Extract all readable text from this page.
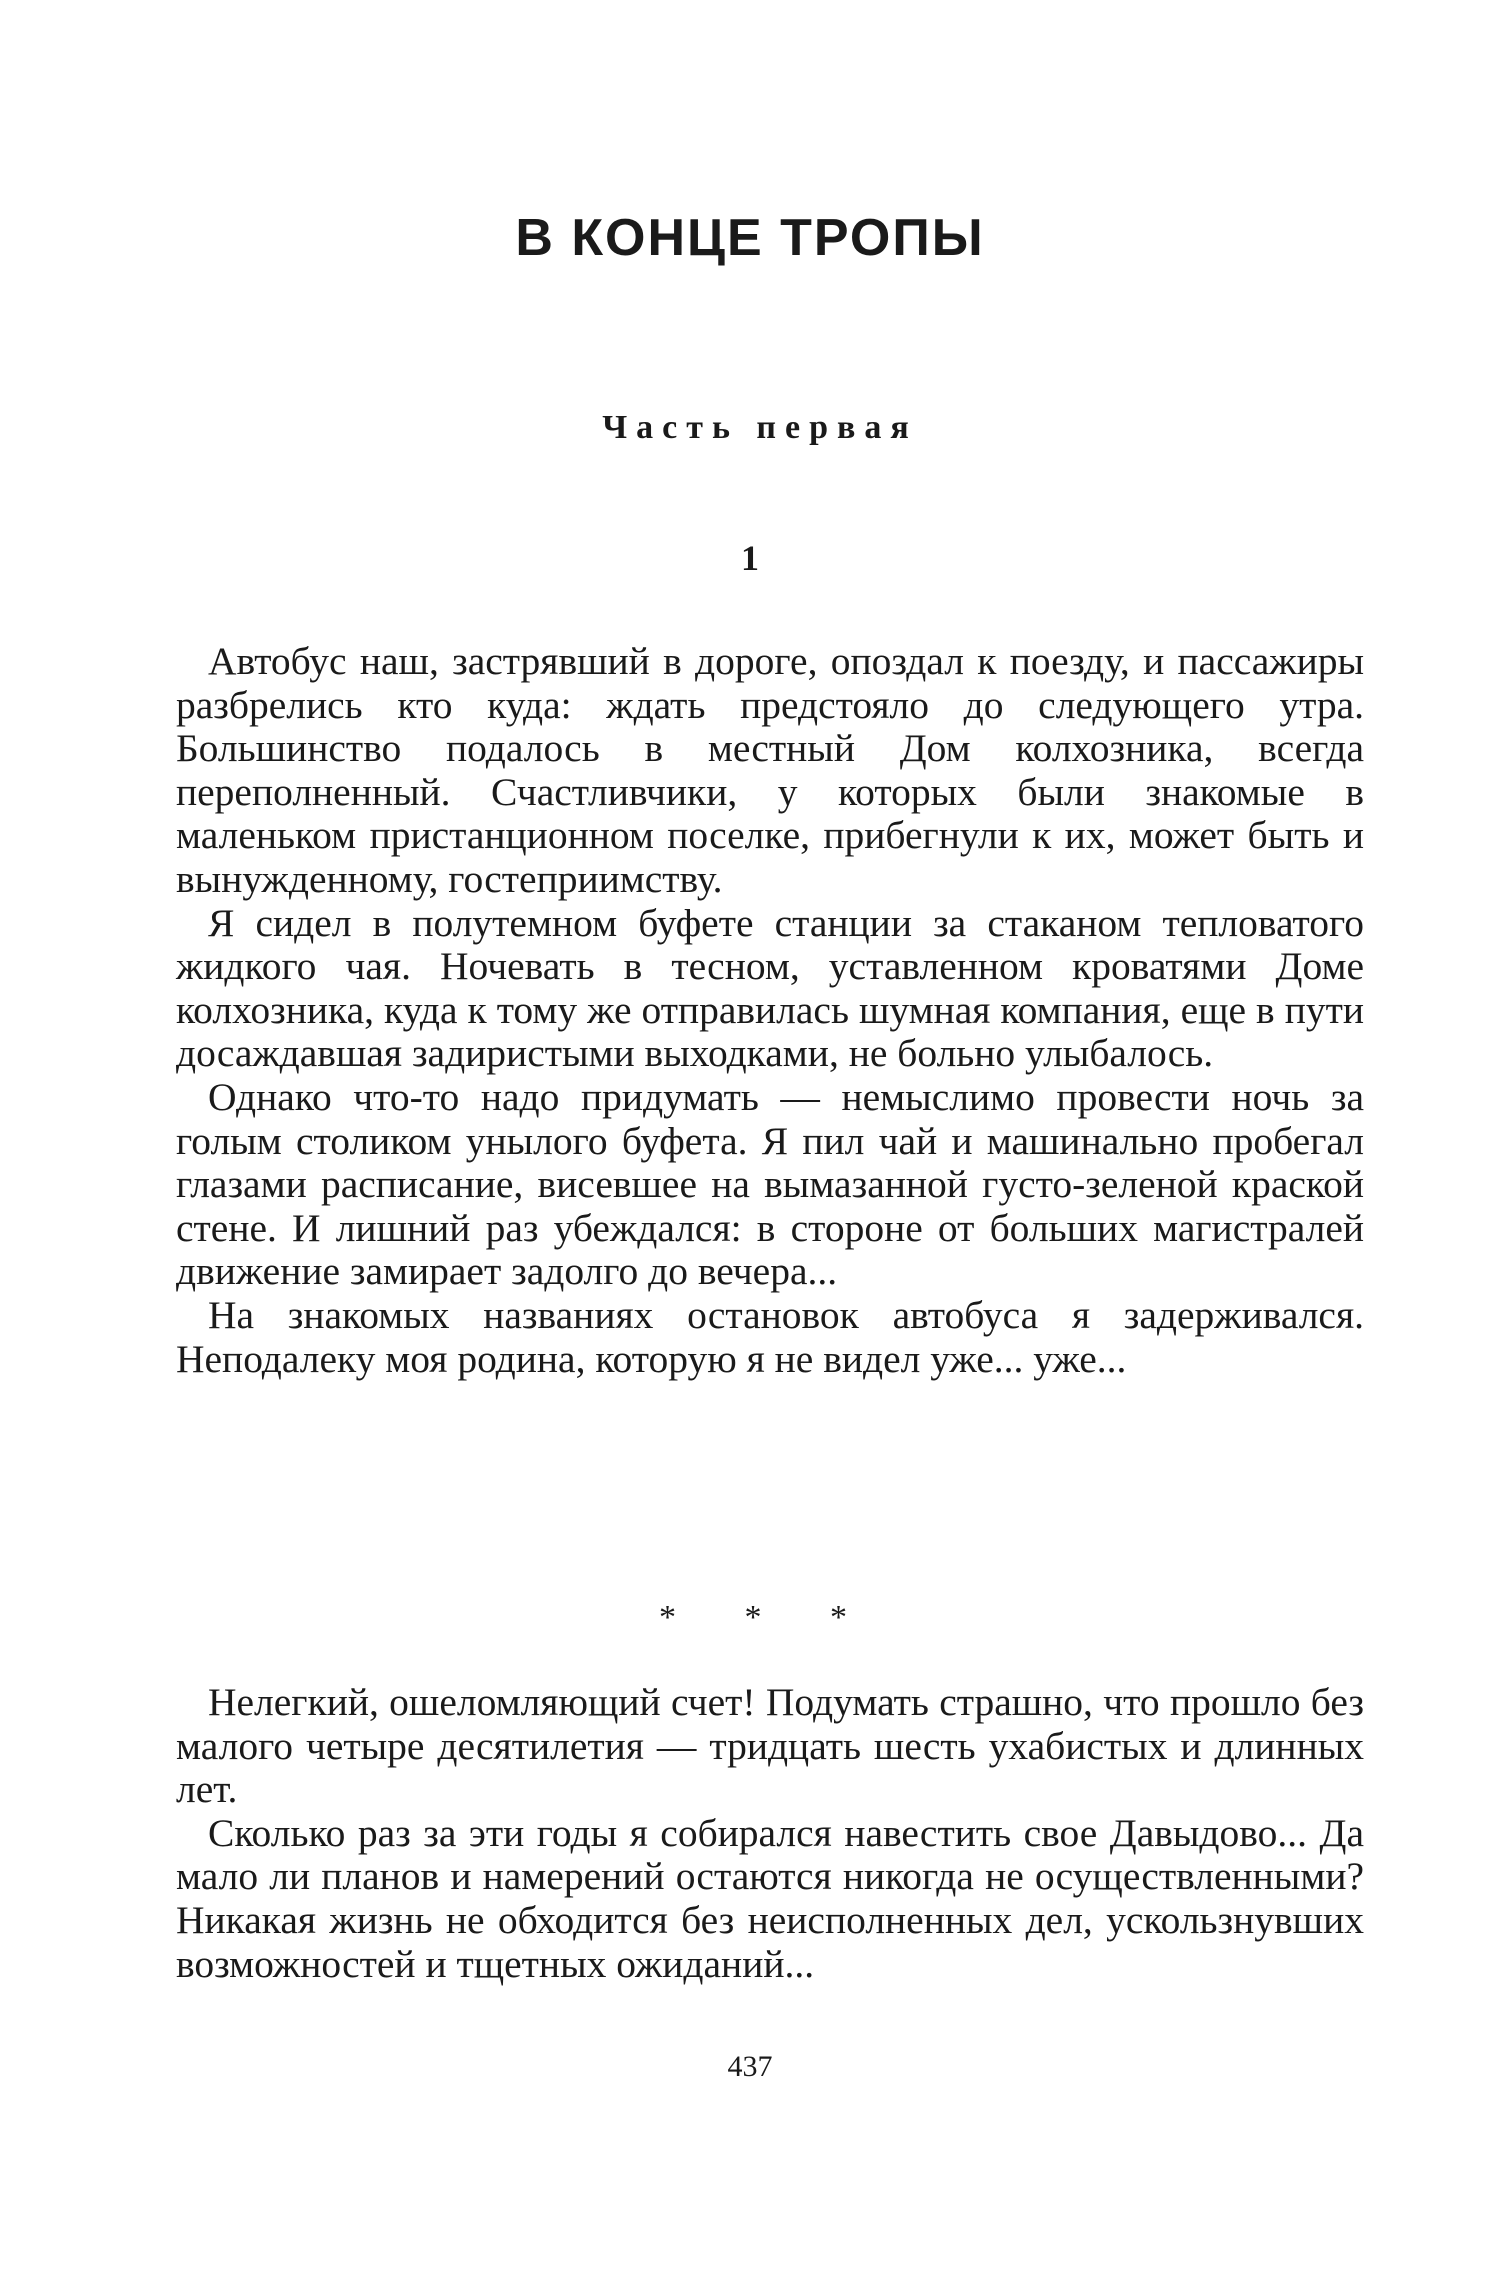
В КОНЦЕ ТРОПЫ
Часть первая
1

Автобус наш, застрявший в дороге, опоздал к поезду, и пассажиры разбрелись кто куда: ждать предстояло до следующего утра. Большинство подалось в местный Дом колхозника, всегда переполненный. Счастливчики, у которых были знакомые в маленьком пристанционном поселке, прибегнули к их, может быть и вынужденному, гостеприимству.

Я сидел в полутемном буфете станции за стаканом тепловатого жидкого чая. Ночевать в тесном, уставленном кроватями Доме колхозника, куда к тому же отправилась шумная компания, еще в пути досаждавшая задиристыми выходками, не больно улыбалось.

Однако что-то надо придумать — немыслимо провести ночь за голым столиком унылого буфета. Я пил чай и машинально пробегал глазами расписание, висевшее на вымазанной густо-зеленой краской стене. И лишний раз убеждался: в стороне от больших магистралей движение замирает задолго до вечера...

На знакомых названиях остановок автобуса я задерживался. Неподалеку моя родина, которую я не видел уже... уже...

* * *

Нелегкий, ошеломляющий счет! Подумать страшно, что прошло без малого четыре десятилетия — тридцать шесть ухабистых и длинных лет.

Сколько раз за эти годы я собирался навестить свое Давыдово... Да мало ли планов и намерений остаются никогда не осуществленными? Никакая жизнь не обходится без неисполненных дел, ускользнувших возможностей и тщетных ожиданий...

437
